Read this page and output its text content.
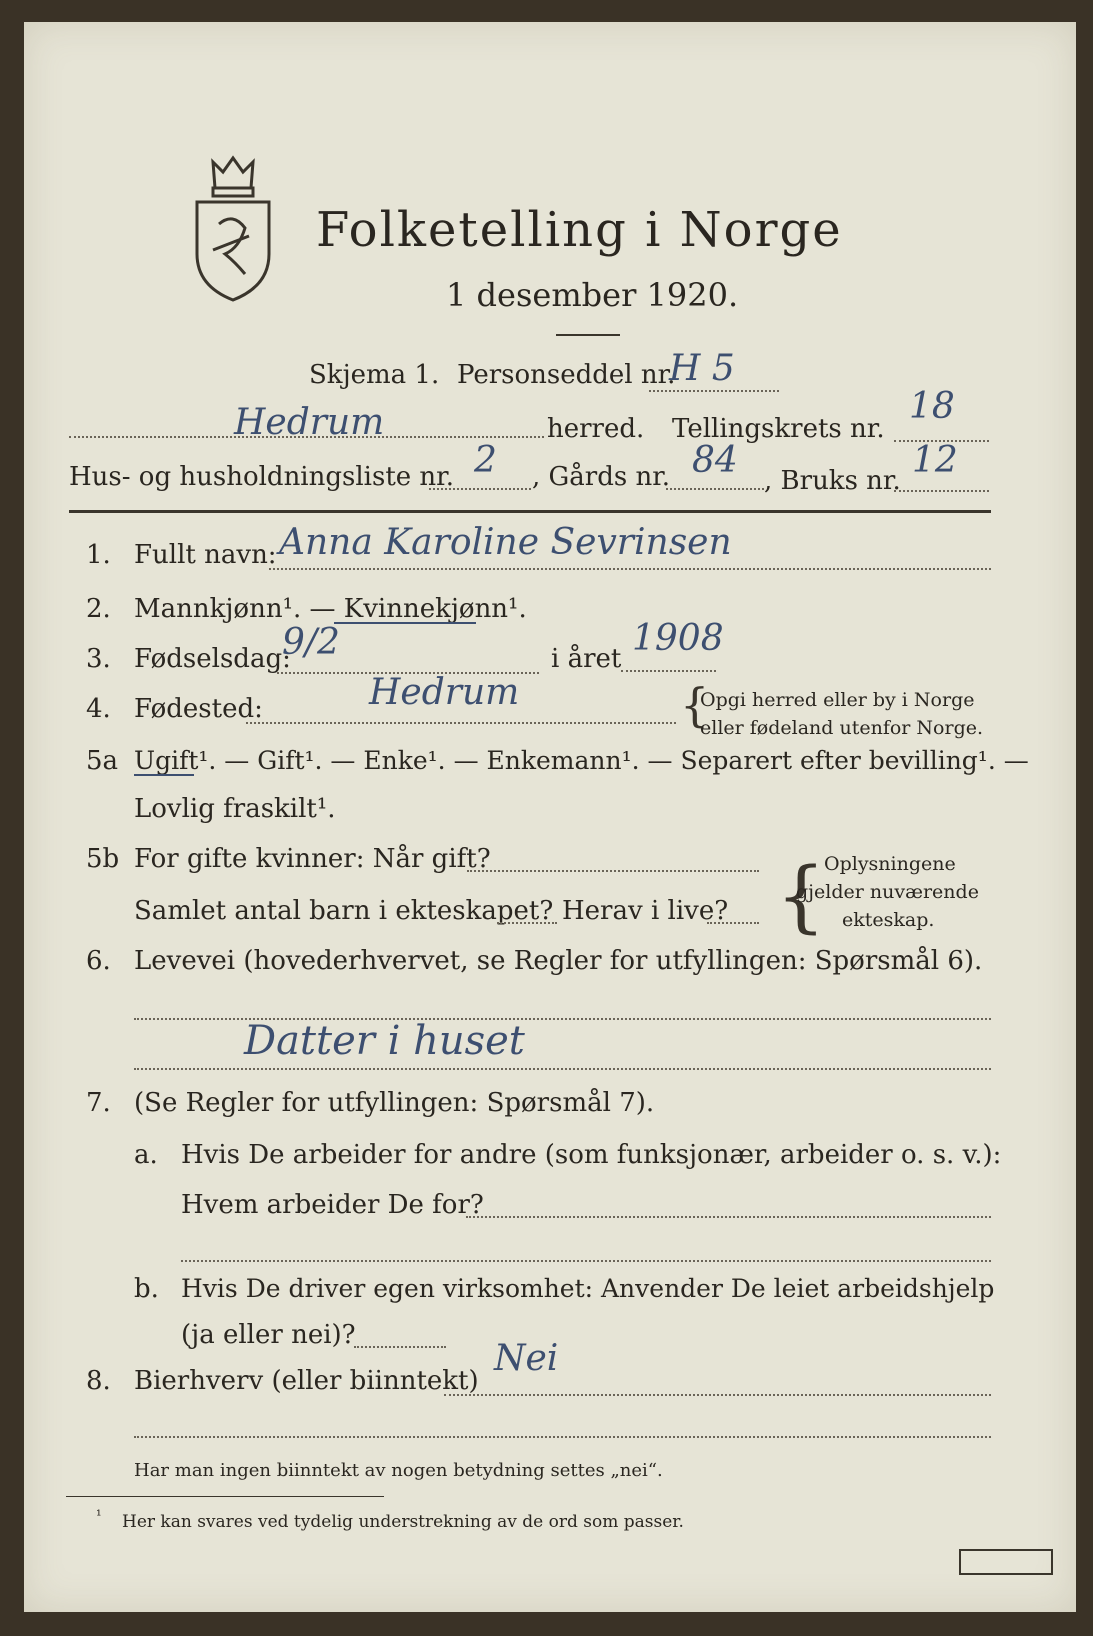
Folketelling i Norge
1 desember 1920.
Skjema 1. Personseddel nr.
H 5
Hedrum	herred. Tellingskrets nr.
18
Hus- og husholdningsliste nr. 2 , Gårds nr. 84 , Bruks nr. 12
1. Fullt navn: Anna Karoline Sevrinsen
2. Mannkjønn¹. — Kvinnekjønn¹.
3. Fødselsdag:
9/2	i året 1908
4. Fødested:	Hedrum	{
Opgi herred eller by i Norge
eller fødeland utenfor Norge.
5a Ugift¹. — Gift¹. — Enke¹. — Enkemann¹. — Separert efter bevilling¹. —
Lovlig fraskilt¹.
5b For gifte kvinner: Når gift?
Samlet antal barn i ekteskapet? Herav i live? {
Oplysningene
gjelder nuværende
ekteskap.
6. Levevei (hovederhvervet, se Regler for utfyllingen: Spørsmål 6).
Datter i huset
7. (Se Regler for utfyllingen: Spørsmål 7).
a. Hvis De arbeider for andre (som funksjonær, arbeider o. s. v.):
Hvem arbeider De for?
b. Hvis De driver egen virksomhet: Anvender De leiet arbeidshjelp
(ja eller nei)?
8. Bierhverv (eller biinntekt)
Nei
Har man ingen biinntekt av nogen betydning settes „nei“.
¹ Her kan svares ved tydelig understrekning av de ord som passer.
